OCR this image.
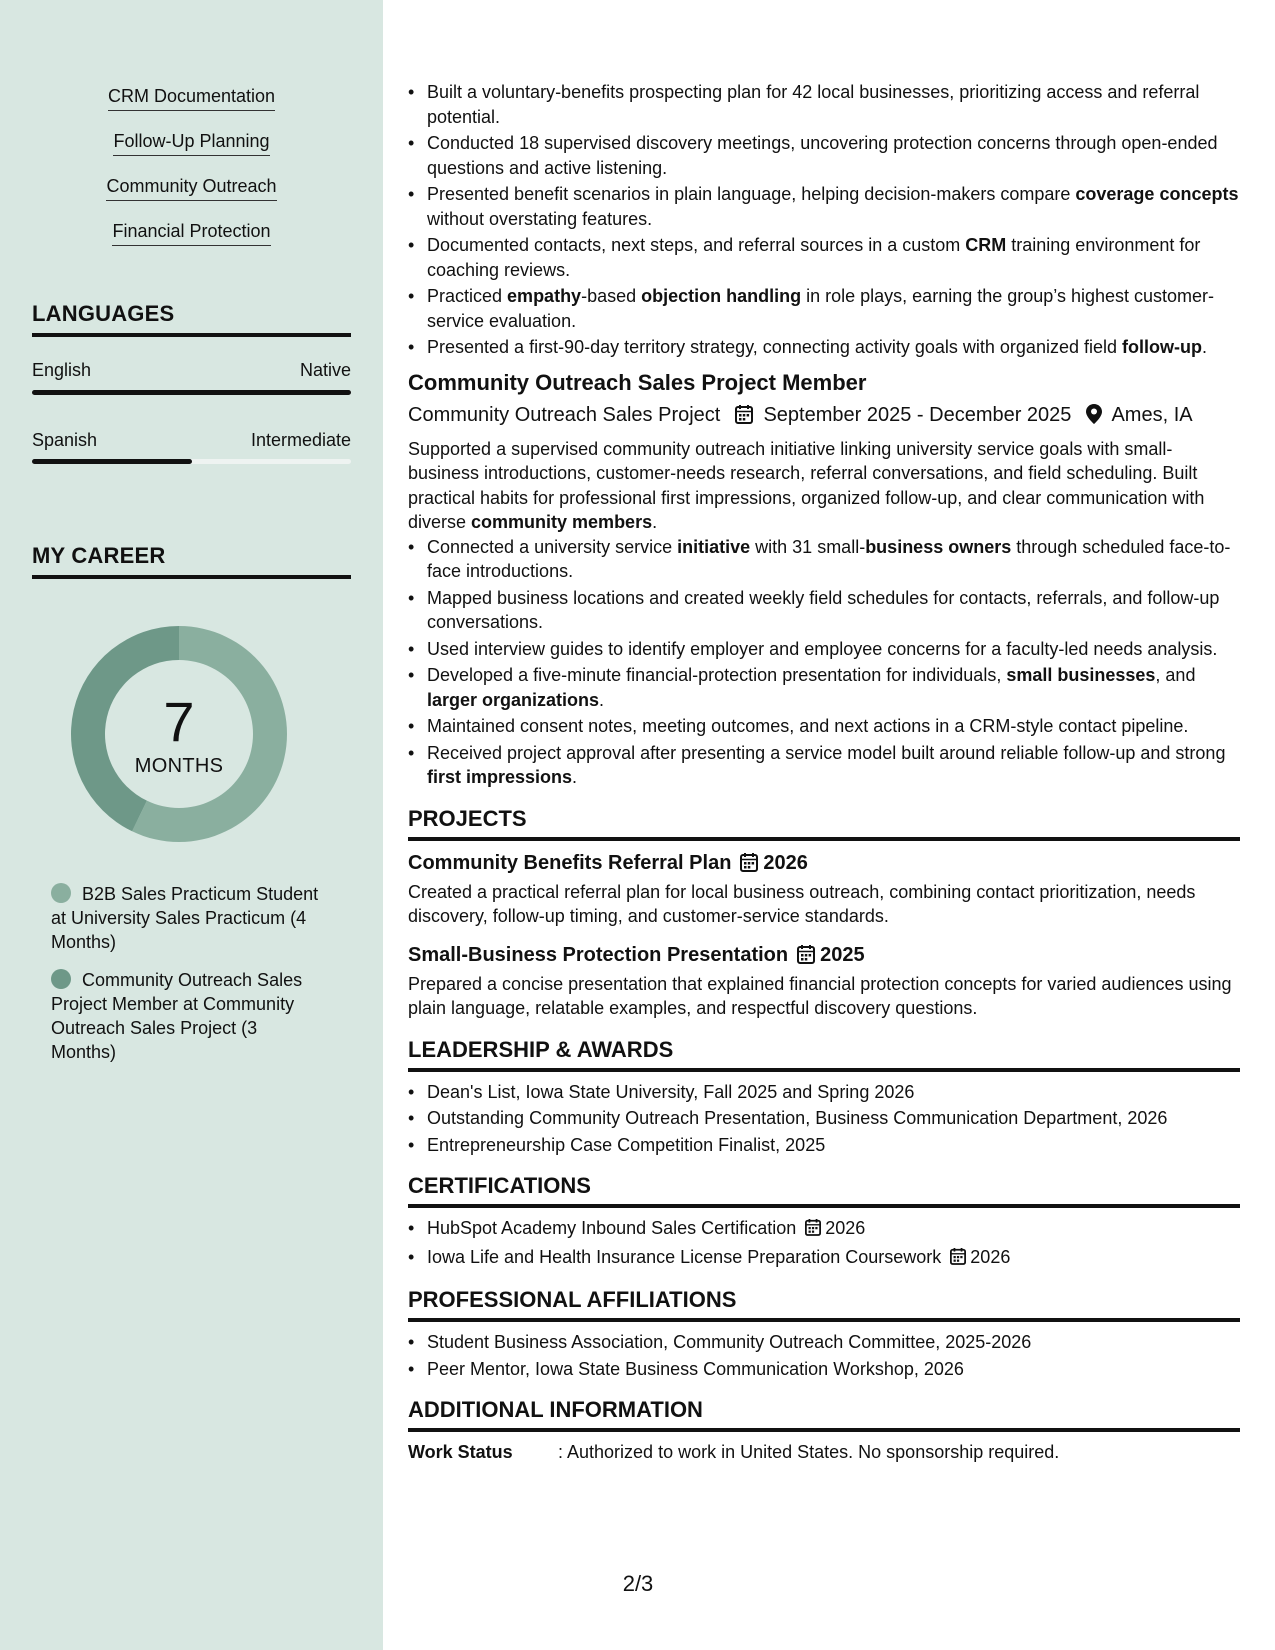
CRM Documentation
Follow-Up Planning
Community Outreach
Financial Protection
LANGUAGES
English	Native
Spanish	Intermediate
MY CAREER
7
MONTHS
B2B Sales Practicum Student at University Sales Practicum (4 Months)
Community Outreach Sales Project Member at Community Outreach Sales Project (3 Months)
• Built a voluntary-benefits prospecting plan for 42 local businesses, prioritizing access and referral potential.
• Conducted 18 supervised discovery meetings, uncovering protection concerns through open-ended questions and active listening.
• Presented benefit scenarios in plain language, helping decision-makers compare coverage concepts without overstating features.
• Documented contacts, next steps, and referral sources in a custom CRM training environment for coaching reviews.
• Practiced empathy-based objection handling in role plays, earning the group’s highest customer-service evaluation.
• Presented a first-90-day territory strategy, connecting activity goals with organized field follow-up.
Community Outreach Sales Project Member
Community Outreach Sales Project September 2025 - December 2025 Ames, IA
Supported a supervised community outreach initiative linking university service goals with small-business introductions, customer-needs research, referral conversations, and field scheduling. Built practical habits for professional first impressions, organized follow-up, and clear communication with diverse community members.
• Connected a university service initiative with 31 small-business owners through scheduled face-to-face introductions.
• Mapped business locations and created weekly field schedules for contacts, referrals, and follow-up conversations.
• Used interview guides to identify employer and employee concerns for a faculty-led needs analysis.
• Developed a five-minute financial-protection presentation for individuals, small businesses, and larger organizations.
• Maintained consent notes, meeting outcomes, and next actions in a CRM-style contact pipeline.
• Received project approval after presenting a service model built around reliable follow-up and strong first impressions.
PROJECTS
Community Benefits Referral Plan 2026
Created a practical referral plan for local business outreach, combining contact prioritization, needs discovery, follow-up timing, and customer-service standards.
Small-Business Protection Presentation 2025
Prepared a concise presentation that explained financial protection concepts for varied audiences using plain language, relatable examples, and respectful discovery questions.
LEADERSHIP & AWARDS
• Dean's List, Iowa State University, Fall 2025 and Spring 2026
• Outstanding Community Outreach Presentation, Business Communication Department, 2026
• Entrepreneurship Case Competition Finalist, 2025
CERTIFICATIONS
• HubSpot Academy Inbound Sales Certification 2026
• Iowa Life and Health Insurance License Preparation Coursework 2026
PROFESSIONAL AFFILIATIONS
• Student Business Association, Community Outreach Committee, 2025-2026
• Peer Mentor, Iowa State Business Communication Workshop, 2026
ADDITIONAL INFORMATION
Work Status	: Authorized to work in United States. No sponsorship required.
2/3
